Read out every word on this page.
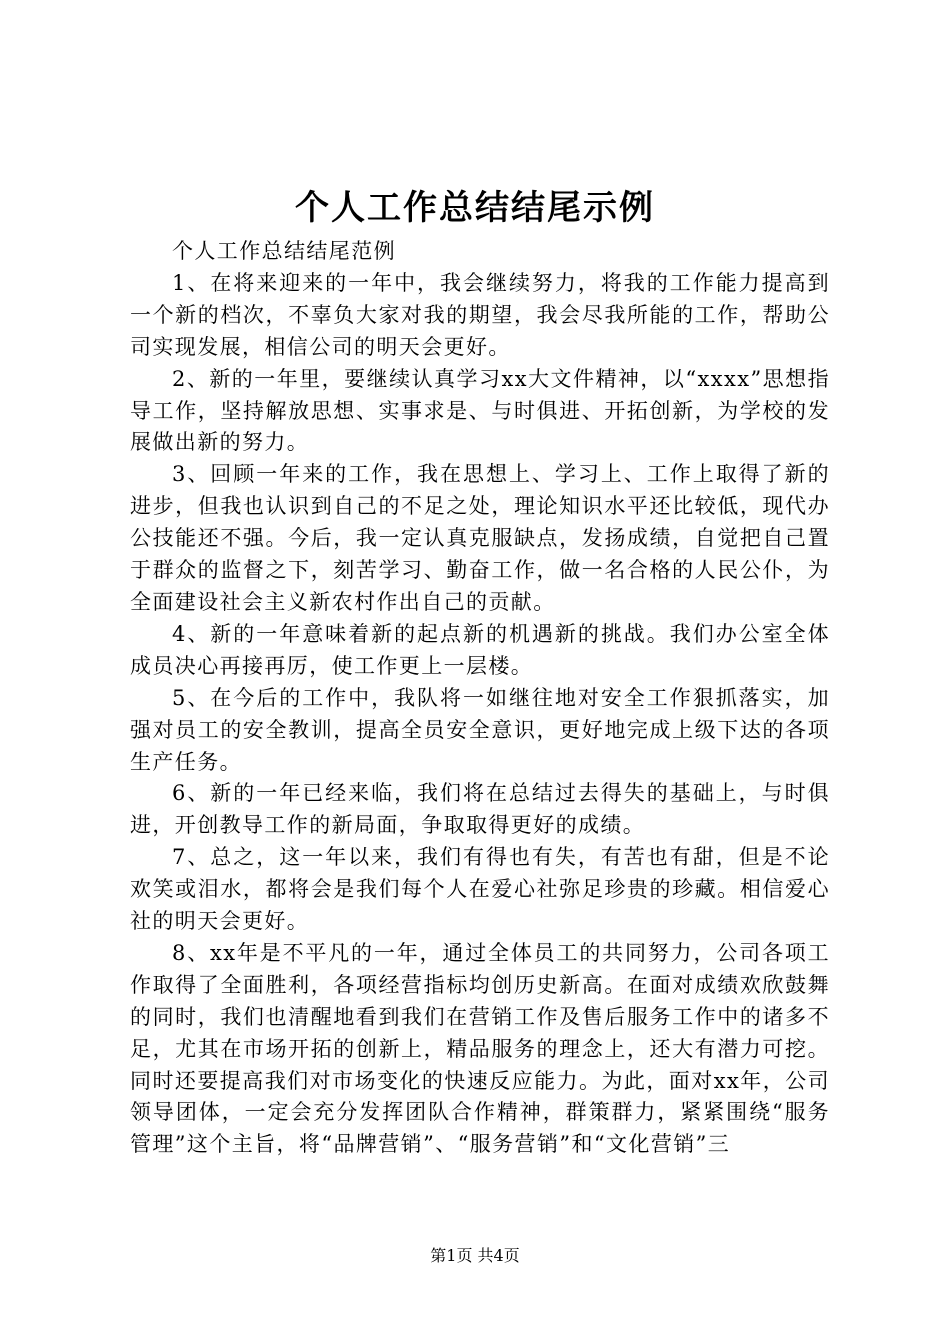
个人工作总结结尾示例

个人工作总结结尾范例

1、在将来迎来的一年中，我会继续努力，将我的工作能力提高到一个新的档次，不辜负大家对我的期望，我会尽我所能的工作，帮助公司实现发展，相信公司的明天会更好。

2、新的一年里，要继续认真学习xx大文件精神，以“xxxx”思想指导工作，坚持解放思想、实事求是、与时俱进、开拓创新，为学校的发展做出新的努力。

3、回顾一年来的工作，我在思想上、学习上、工作上取得了新的进步，但我也认识到自己的不足之处，理论知识水平还比较低，现代办公技能还不强。今后，我一定认真克服缺点，发扬成绩，自觉把自己置于群众的监督之下，刻苦学习、勤奋工作，做一名合格的人民公仆，为全面建设社会主义新农村作出自己的贡献。

4、新的一年意味着新的起点新的机遇新的挑战。我们办公室全体成员决心再接再厉，使工作更上一层楼。

5、在今后的工作中，我队将一如继往地对安全工作狠抓落实，加强对员工的安全教训，提高全员安全意识，更好地完成上级下达的各项生产任务。

6、新的一年已经来临，我们将在总结过去得失的基础上，与时俱进，开创教导工作的新局面，争取取得更好的成绩。

7、总之，这一年以来，我们有得也有失，有苦也有甜，但是不论欢笑或泪水，都将会是我们每个人在爱心社弥足珍贵的珍藏。相信爱心社的明天会更好。

8、xx年是不平凡的一年，通过全体员工的共同努力，公司各项工作取得了全面胜利，各项经营指标均创历史新高。在面对成绩欢欣鼓舞的同时，我们也清醒地看到我们在营销工作及售后服务工作中的诸多不足，尤其在市场开拓的创新上，精品服务的理念上，还大有潜力可挖。同时还要提高我们对市场变化的快速反应能力。为此，面对xx年，公司领导团体，一定会充分发挥团队合作精神，群策群力，紧紧围绕“服务管理”这个主旨，将“品牌营销”、“服务营销”和“文化营销”三

第1页 共4页
